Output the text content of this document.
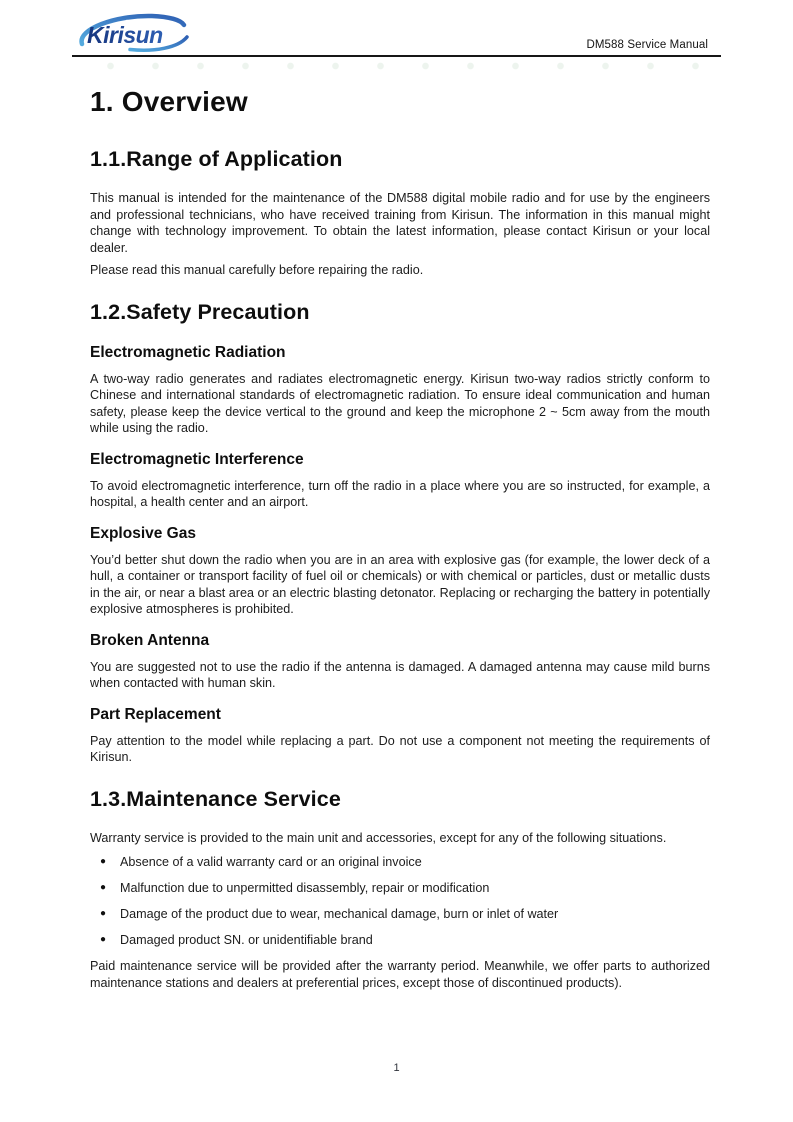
Kirisun	DM588 Service Manual
1. Overview
1.1.Range of Application

This manual is intended for the maintenance of the DM588 digital mobile radio and for use by the engineers and professional technicians, who have received training from Kirisun. The information in this manual might change with technology improvement. To obtain the latest information, please contact Kirisun or your local dealer.

Please read this manual carefully before repairing the radio.

1.2.Safety Precaution
Electromagnetic Radiation

A two-way radio generates and radiates electromagnetic energy. Kirisun two-way radios strictly conform to Chinese and international standards of electromagnetic radiation. To ensure ideal communication and human safety, please keep the device vertical to the ground and keep the microphone 2 ~ 5cm away from the mouth while using the radio.

Electromagnetic Interference

To avoid electromagnetic interference, turn off the radio in a place where you are so instructed, for example, a hospital, a health center and an airport.

Explosive Gas

You’d better shut down the radio when you are in an area with explosive gas (for example, the lower deck of a hull, a container or transport facility of fuel oil or chemicals) or with chemical or particles, dust or metallic dusts in the air, or near a blast area or an electric blasting detonator. Replacing or recharging the battery in potentially explosive atmospheres is prohibited.

Broken Antenna

You are suggested not to use the radio if the antenna is damaged. A damaged antenna may cause mild burns when contacted with human skin.

Part Replacement

Pay attention to the model while replacing a part. Do not use a component not meeting the requirements of Kirisun.

1.3.Maintenance Service

Warranty service is provided to the main unit and accessories, except for any of the following situations.

●	Absence of a valid warranty card or an original invoice
●	Malfunction due to unpermitted disassembly, repair or modification
●	Damage of the product due to wear, mechanical damage, burn or inlet of water
●	Damaged product SN. or unidentifiable brand

Paid maintenance service will be provided after the warranty period. Meanwhile, we offer parts to authorized maintenance stations and dealers at preferential prices, except those of discontinued products).

1
